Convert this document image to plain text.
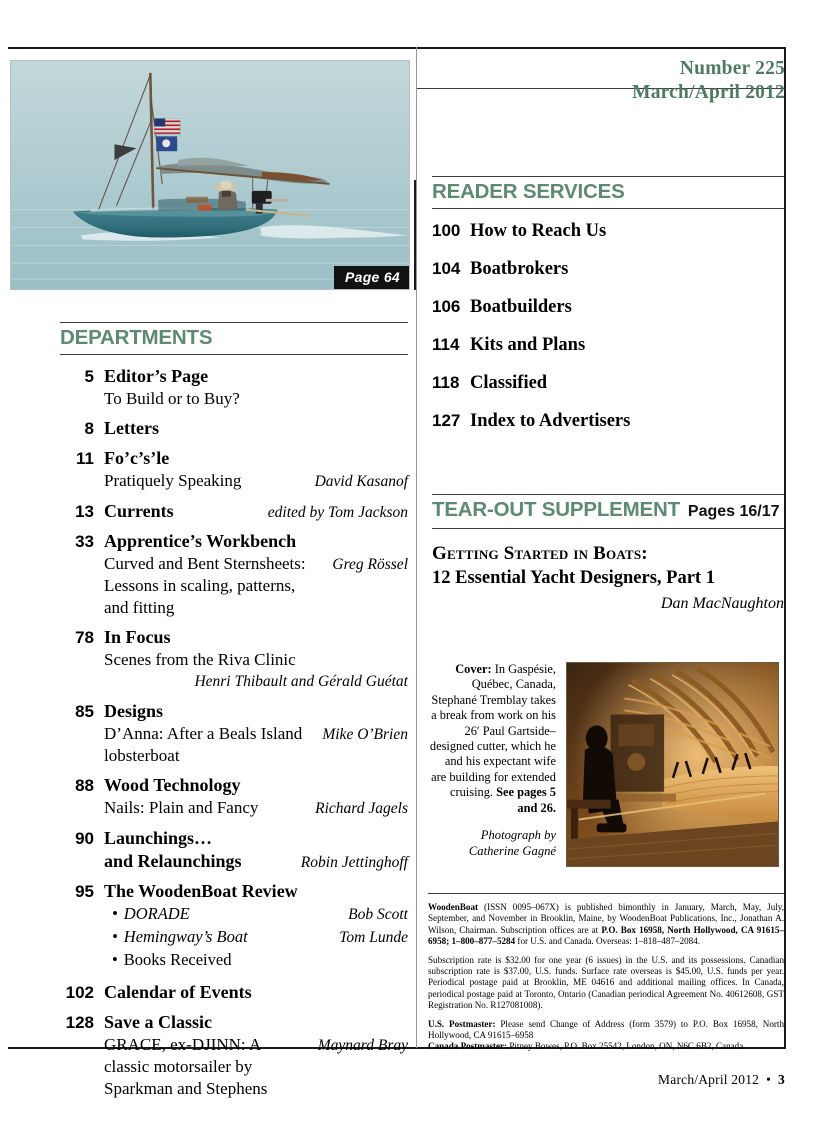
Number 225
March/April 2012
Page 64
DEPARTMENTS
5 Editor’s Page
To Build or to Buy?
8 Letters
11 Fo’c’s’le
Pratiquely Speaking	David Kasanof
13 Currents	edited by Tom Jackson
33 Apprentice’s Workbench
Curved and Bent Sternsheets: Lessons in scaling, patterns, and fitting
Greg Rössel
78 In Focus
Scenes from the Riva Clinic
Henri Thibault and Gérald Guétat
85 Designs
D’Anna: After a Beals Island lobsterboat
Mike O’Brien
88 Wood Technology
Nails: Plain and Fancy	Richard Jagels
90 Launchings…
and Relaunchings	Robin Jettinghoff
95 The WoodenBoat Review
• DORADE	Bob Scott
• Hemingway’s Boat	Tom Lunde
• Books Received
102 Calendar of Events
128 Save a Classic
GRACE, ex-DJINN: A classic motorsailer by Sparkman and Stephens
Maynard Bray
READER SERVICES
100 How to Reach Us
104 Boatbrokers
106 Boatbuilders
114 Kits and Plans
118 Classified
127 Index to Advertisers
TEAR-OUT SUPPLEMENT Pages 16/17
Getting Started in Boats:
12 Essential Yacht Designers, Part 1
Dan MacNaughton
Cover: In Gaspésie, Québec, Canada, Stephané Tremblay takes a break from work on his 26′ Paul Gartside–designed cutter, which he and his expectant wife are building for extended cruising. See pages 5 and 26.
Photograph by
Catherine Gagné

WoodenBoat (ISSN 0095–067X) is published bimonthly in January, March, May, July, September, and November in Brooklin, Maine, by WoodenBoat Publications, Inc., Jonathan A. Wilson, Chairman. Subscription offices are at P.O. Box 16958, North Hollywood, CA 91615–6958; 1–800–877–5284 for U.S. and Canada. Overseas: 1–818–487–2084.

Subscription rate is $32.00 for one year (6 issues) in the U.S. and its possessions. Canadian subscription rate is $37.00, U.S. funds. Surface rate overseas is $45.00, U.S. funds per year. Periodical postage paid at Brooklin, ME 04616 and additional mailing offices. In Canada, periodical postage paid at Toronto, Ontario (Canadian periodical Agreement No. 40612608, GST Registration No. R127081008).

U.S. Postmaster: Please send Change of Address (form 3579) to P.O. Box 16958, North Hollywood, CA 91615–6958
Canada Postmaster: Pitney Bowes, P.O. Box 25542, London, ON, N6C 6B2, Canada.

March/April 2012 • 3
